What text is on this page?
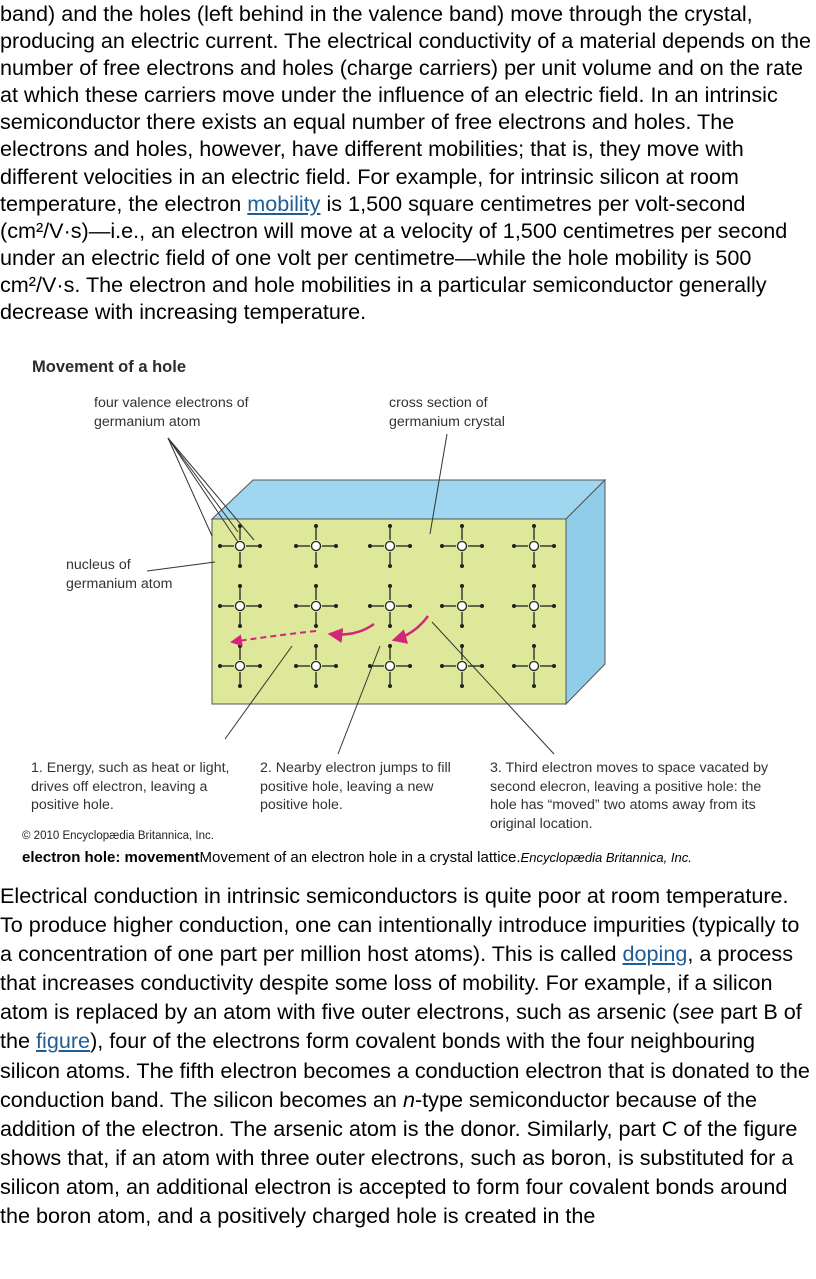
band) and the holes (left behind in the valence band) move through the crystal, producing an electric current. The electrical conductivity of a material depends on the number of free electrons and holes (charge carriers) per unit volume and on the rate at which these carriers move under the influence of an electric field. In an intrinsic semiconductor there exists an equal number of free electrons and holes. The electrons and holes, however, have different mobilities; that is, they move with different velocities in an electric field. For example, for intrinsic silicon at room temperature, the electron mobility is 1,500 square centimetres per volt-second (cm²/V·s)—i.e., an electron will move at a velocity of 1,500 centimetres per second under an electric field of one volt per centimetre—while the hole mobility is 500 cm²/V·s. The electron and hole mobilities in a particular semiconductor generally decrease with increasing temperature.

Movement of a hole
four valence electrons of germanium atom
cross section of germanium crystal
nucleus of germanium atom
1. Energy, such as heat or light, drives off electron, leaving a positive hole.
2. Nearby electron jumps to fill positive hole, leaving a new positive hole.
3. Third electron moves to space vacated by second elecron, leaving a positive hole: the hole has “moved” two atoms away from its original location.
© 2010 Encyclopædia Britannica, Inc.
electron hole: movementMovement of an electron hole in a crystal lattice.Encyclopædia Britannica, Inc.

Electrical conduction in intrinsic semiconductors is quite poor at room temperature. To produce higher conduction, one can intentionally introduce impurities (typically to a concentration of one part per million host atoms). This is called doping, a process that increases conductivity despite some loss of mobility. For example, if a silicon atom is replaced by an atom with five outer electrons, such as arsenic (see part B of the figure), four of the electrons form covalent bonds with the four neighbouring silicon atoms. The fifth electron becomes a conduction electron that is donated to the conduction band. The silicon becomes an n-type semiconductor because of the addition of the electron. The arsenic atom is the donor. Similarly, part C of the figure shows that, if an atom with three outer electrons, such as boron, is substituted for a silicon atom, an additional electron is accepted to form four covalent bonds around the boron atom, and a positively charged hole is created in the
